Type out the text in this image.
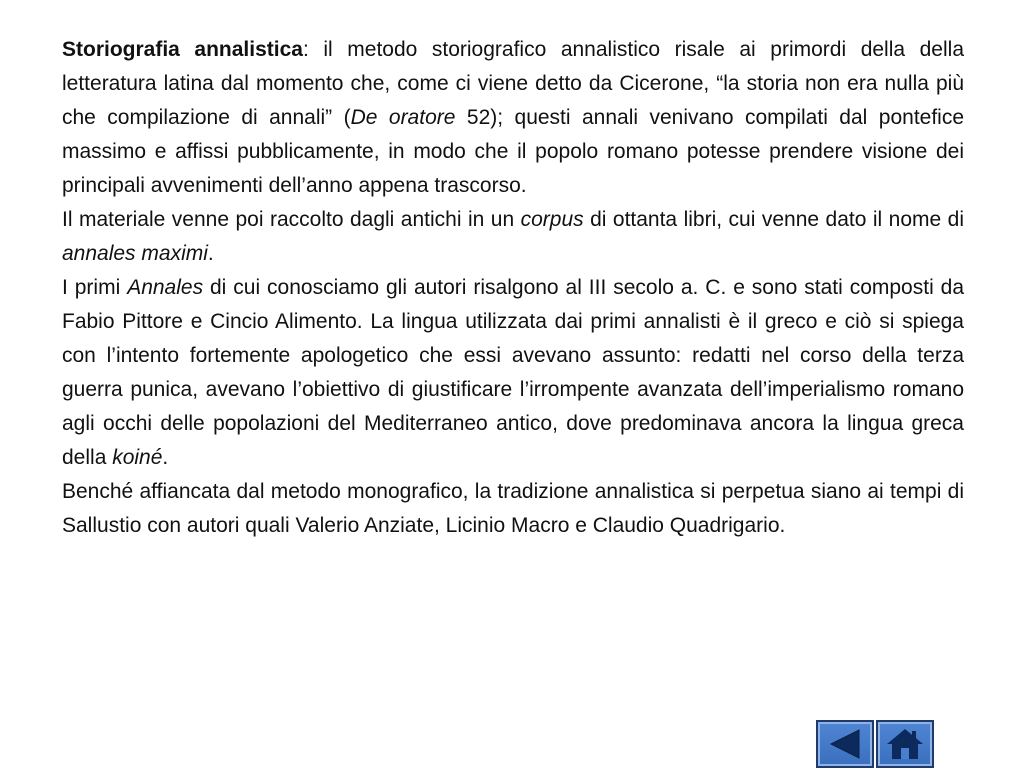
Storiografia annalistica: il metodo storiografico annalistico risale ai primordi della della letteratura latina dal momento che, come ci viene detto da Cicerone, “la storia non era nulla più che compilazione di annali” (De oratore 52); questi annali venivano compilati dal pontefice massimo e affissi pubblicamente, in modo che il popolo romano potesse prendere visione dei principali avvenimenti dell’anno appena trascorso.

Il materiale venne poi raccolto dagli antichi in un corpus di ottanta libri, cui venne dato il nome di annales maximi.

I primi Annales di cui conosciamo gli autori risalgono al III secolo a. C. e sono stati composti da Fabio Pittore e Cincio Alimento. La lingua utilizzata dai primi annalisti è il greco e ciò si spiega con l’intento fortemente apologetico che essi avevano assunto: redatti nel corso della terza guerra punica, avevano l’obiettivo di giustificare l’irrompente avanzata dell’imperialismo romano agli occhi delle popolazioni del Mediterraneo antico, dove predominava ancora la lingua greca della koiné.

Benché affiancata dal metodo monografico, la tradizione annalistica si perpetua siano ai tempi di Sallustio con autori quali Valerio Anziate, Licinio Macro e Claudio Quadrigario.
